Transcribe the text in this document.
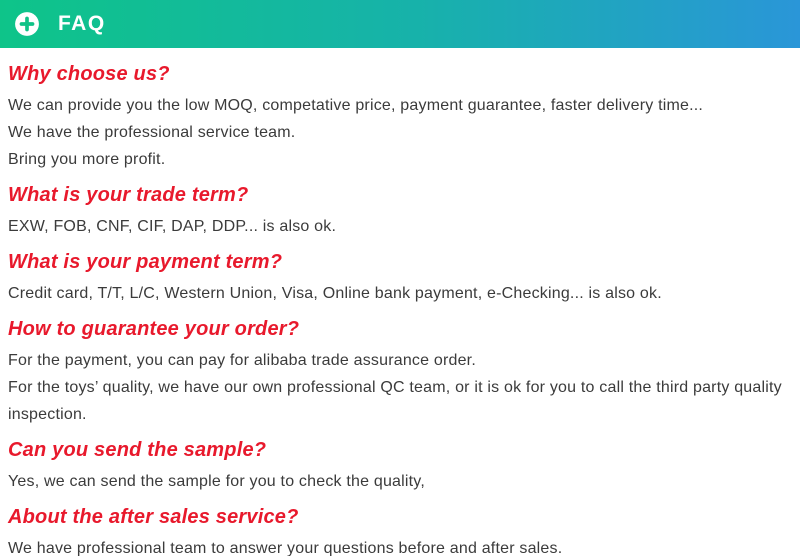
FAQ
Why choose us?

We can provide you the low MOQ, competative price, payment guarantee, faster delivery time...

We have the professional service team.

Bring you more profit.

What is your trade term?

EXW, FOB, CNF, CIF, DAP, DDP... is also ok.

What is your payment term?

Credit card, T/T, L/C, Western Union, Visa, Online bank payment, e-Checking... is also ok.

How to guarantee your order?

For the payment, you can pay for alibaba trade assurance order.

For the toys’ quality, we have our own professional QC team, or it is ok for you to call the third party quality inspection.

Can you send the sample?

Yes, we can send the sample for you to check the quality,

About the after sales service?

We have professional team to answer your questions before and after sales.
